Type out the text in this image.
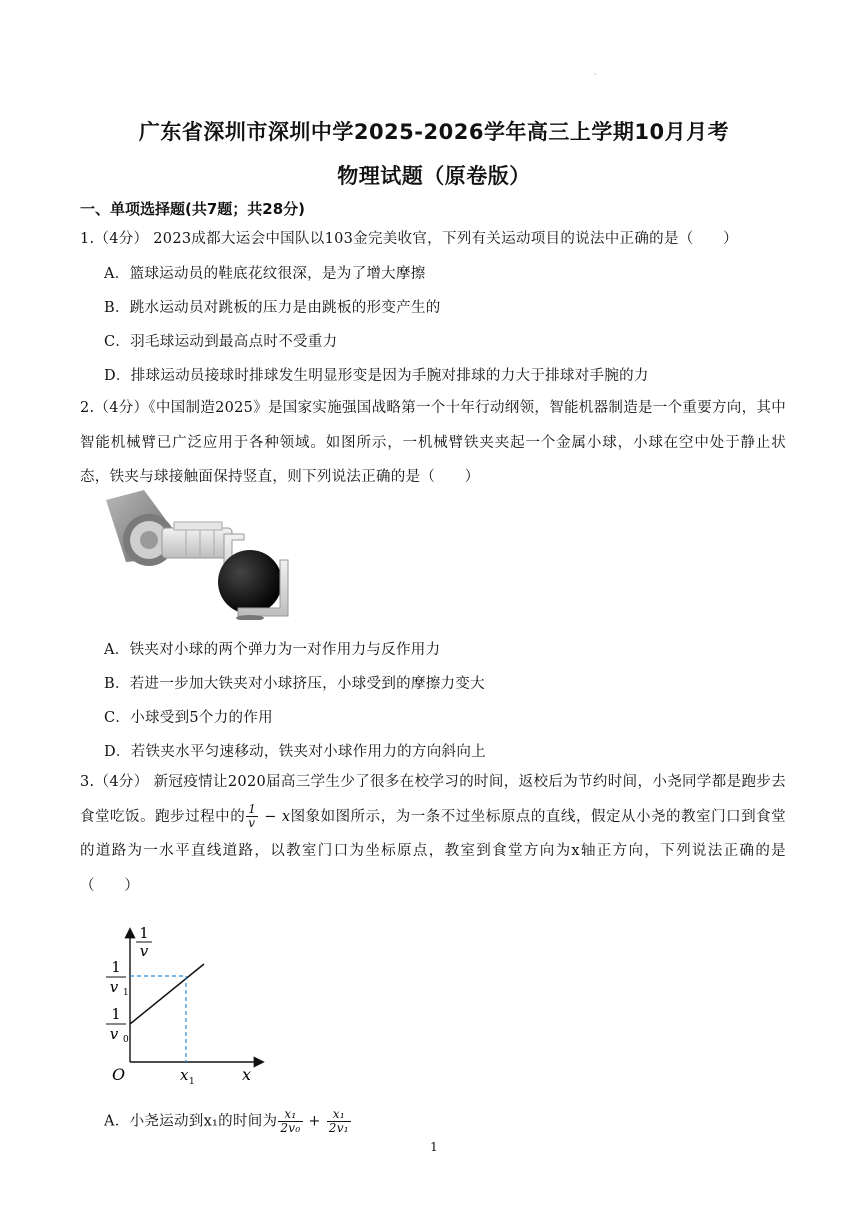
·
广东省深圳市深圳中学2025-2026学年高三上学期10月月考
物理试题（原卷版）
一、单项选择题(共7题；共28分)
1.（4分） 2023成都大运会中国队以103金完美收官，下列有关运动项目的说法中正确的是（　　）
A．篮球运动员的鞋底花纹很深，是为了增大摩擦
B．跳水运动员对跳板的压力是由跳板的形变产生的
C．羽毛球运动到最高点时不受重力
D．排球运动员接球时排球发生明显形变是因为手腕对排球的力大于排球对手腕的力
2.（4分）《中国制造2025》是国家实施强国战略第一个十年行动纲领，智能机器制造是一个重要方向，其中智能机械臂已广泛应用于各种领域。如图所示，一机械臂铁夹夹起一个金属小球，小球在空中处于静止状态，铁夹与球接触面保持竖直，则下列说法正确的是（　　）
A．铁夹对小球的两个弹力为一对作用力与反作用力
B．若进一步加大铁夹对小球挤压，小球受到的摩擦力变大
C．小球受到5个力的作用
D．若铁夹水平匀速移动，铁夹对小球作用力的方向斜向上
3.（4分） 新冠疫情让2020届高三学生少了很多在校学习的时间，返校后为节约时间，小尧同学都是跑步去食堂吃饭。跑步过程中的 $\frac{1}{v} - x$图象如图所示，为一条不过坐标原点的直线，假定从小尧的教室门口到食堂的道路为一水平直线道路，以教室门口为坐标原点，教室到食堂方向为x轴正方向，下列说法正确的是（　　）
1
v
1
v 1
1
v 0
O	x 1	x
A．小尧运动到x₁的时间为 $\frac{\text{x₁}}{\text{2v₀}} + \frac{\text{x₁}}{\text{2v₁}}$
1
